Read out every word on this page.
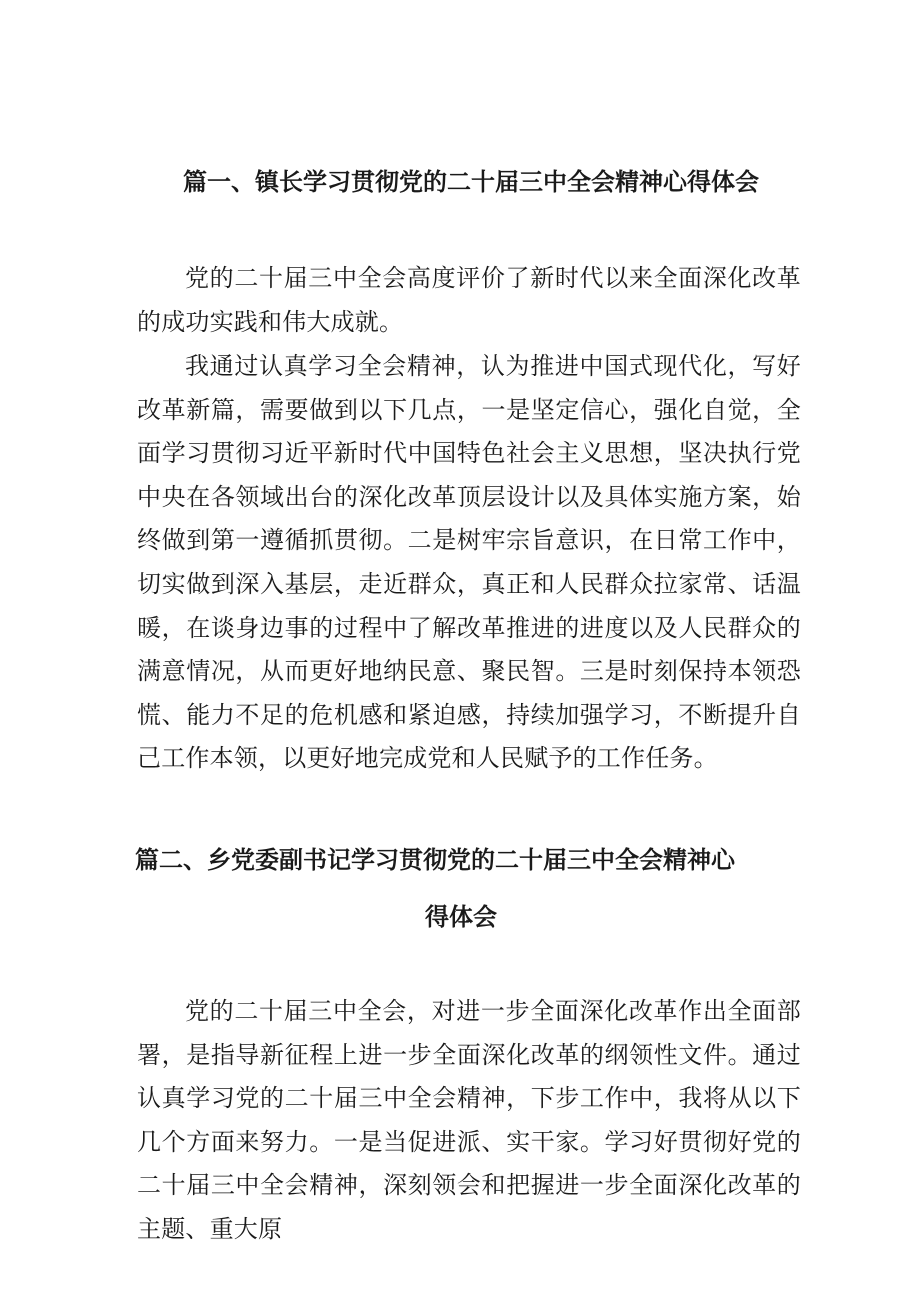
篇一、镇长学习贯彻党的二十届三中全会精神心得体会

党的二十届三中全会高度评价了新时代以来全面深化改革的成功实践和伟大成就。

我通过认真学习全会精神，认为推进中国式现代化，写好改革新篇，需要做到以下几点，一是坚定信心，强化自觉，全面学习贯彻习近平新时代中国特色社会主义思想，坚决执行党中央在各领域出台的深化改革顶层设计以及具体实施方案，始终做到第一遵循抓贯彻。二是树牢宗旨意识，在日常工作中，切实做到深入基层，走近群众，真正和人民群众拉家常、话温暖，在谈身边事的过程中了解改革推进的进度以及人民群众的满意情况，从而更好地纳民意、聚民智。三是时刻保持本领恐慌、能力不足的危机感和紧迫感，持续加强学习，不断提升自己工作本领，以更好地完成党和人民赋予的工作任务。

篇二、乡党委副书记学习贯彻党的二十届三中全会精神心
得体会

党的二十届三中全会，对进一步全面深化改革作出全面部署，是指导新征程上进一步全面深化改革的纲领性文件。通过认真学习党的二十届三中全会精神，下步工作中，我将从以下几个方面来努力。一是当促进派、实干家。学习好贯彻好党的二十届三中全会精神，深刻领会和把握进一步全面深化改革的主题、重大原
